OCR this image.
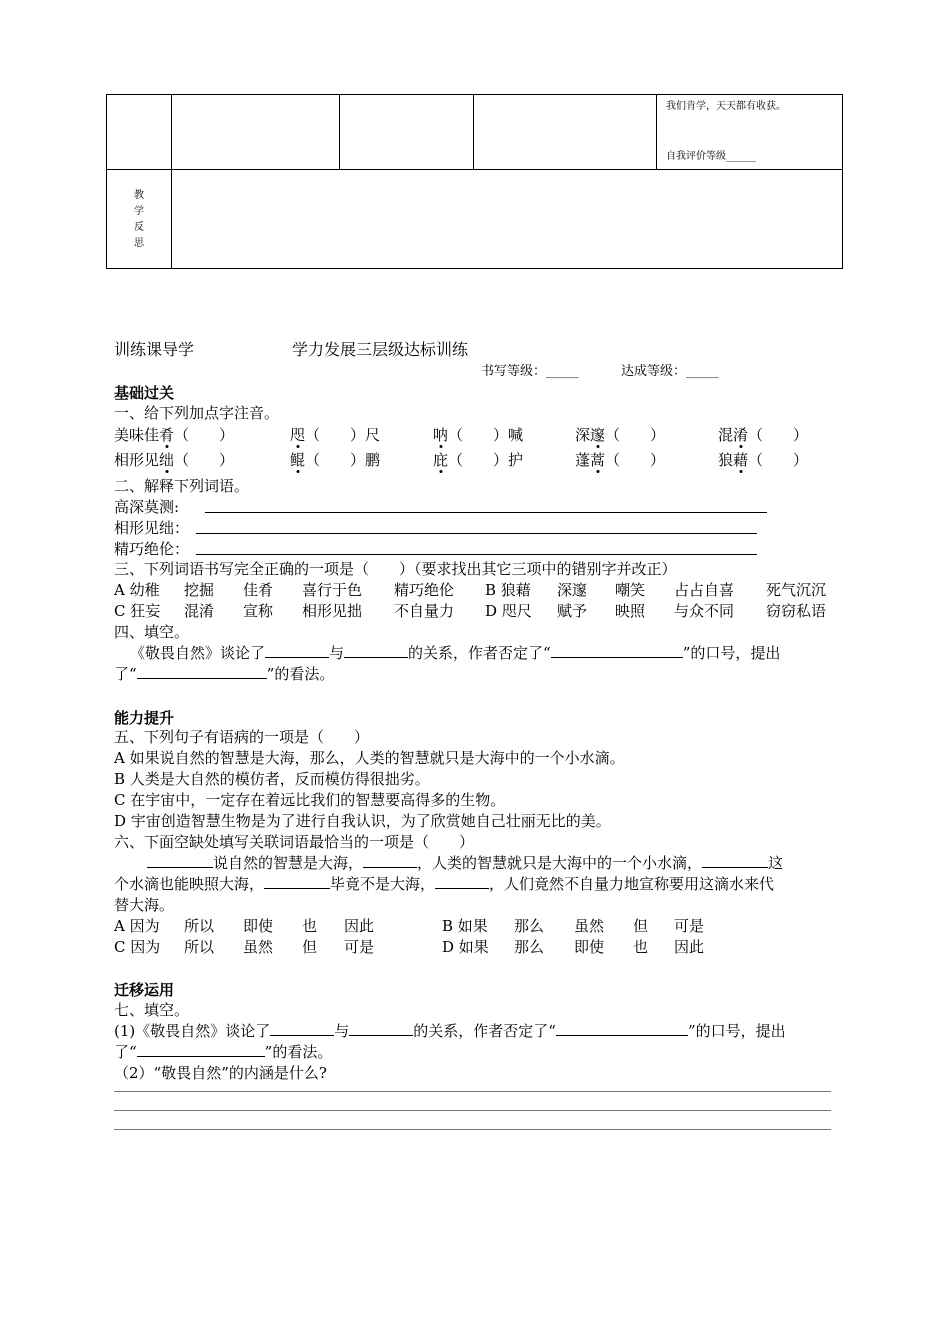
我们肯学，天天都有收获。
自我评价等级______
教
学
反
思
训练课导学	学力发展三层级达标训练
书写等级：_____	达成等级：_____
基础过关
一、给下列加点字注音。
美味佳肴（　　）	咫（　　）尺	呐（　　）喊	深邃（　　）	混淆（　　）
相形见绌（　　）	鲲（　　）鹏	庇（　　）护	蓬蒿（　　）	狼藉（　　）
二、解释下列词语。
高深莫测:
相形见绌：
精巧绝伦：
三、下列词语书写完全正确的一项是（　　）（要求找出其它三项中的错别字并改正）
A 幼稚 挖掘 佳肴 喜行于色 精巧绝伦 B 狼藉 深邃 嘲笑 占占自喜 死气沉沉
C 狂妄 混淆 宣称 相形见拙 不自量力 D 咫尺 赋予 映照 与众不同 窃窃私语
四、填空。
《敬畏自然》谈论了	与	的关系，作者否定了“	”的口号，提出
了“	”的看法。
能力提升
五、下列句子有语病的一项是（　　）
A 如果说自然的智慧是大海，那么，人类的智慧就只是大海中的一个小水滴。
B 人类是大自然的模仿者，反而模仿得很拙劣。
C 在宇宙中，一定存在着远比我们的智慧要高得多的生物。
D 宇宙创造智慧生物是为了进行自我认识，为了欣赏她自己壮丽无比的美。
六、下面空缺处填写关联词语最恰当的一项是（　　）
说自然的智慧是大海，	，人类的智慧就只是大海中的一个小水滴，	这
个水滴也能映照大海，	毕竟不是大海，	，人们竟然不自量力地宣称要用这滴水来代
替大海。
A 因为 所以 即使 也 因此	B 如果 那么 虽然 但 可是
C 因为 所以 虽然 但 可是	D 如果 那么 即使 也 因此
迁移运用
七、填空。
(1)《敬畏自然》谈论了	与	的关系，作者否定了“	”的口号，提出
了“	”的看法。
（2）“敬畏自然”的内涵是什么?
